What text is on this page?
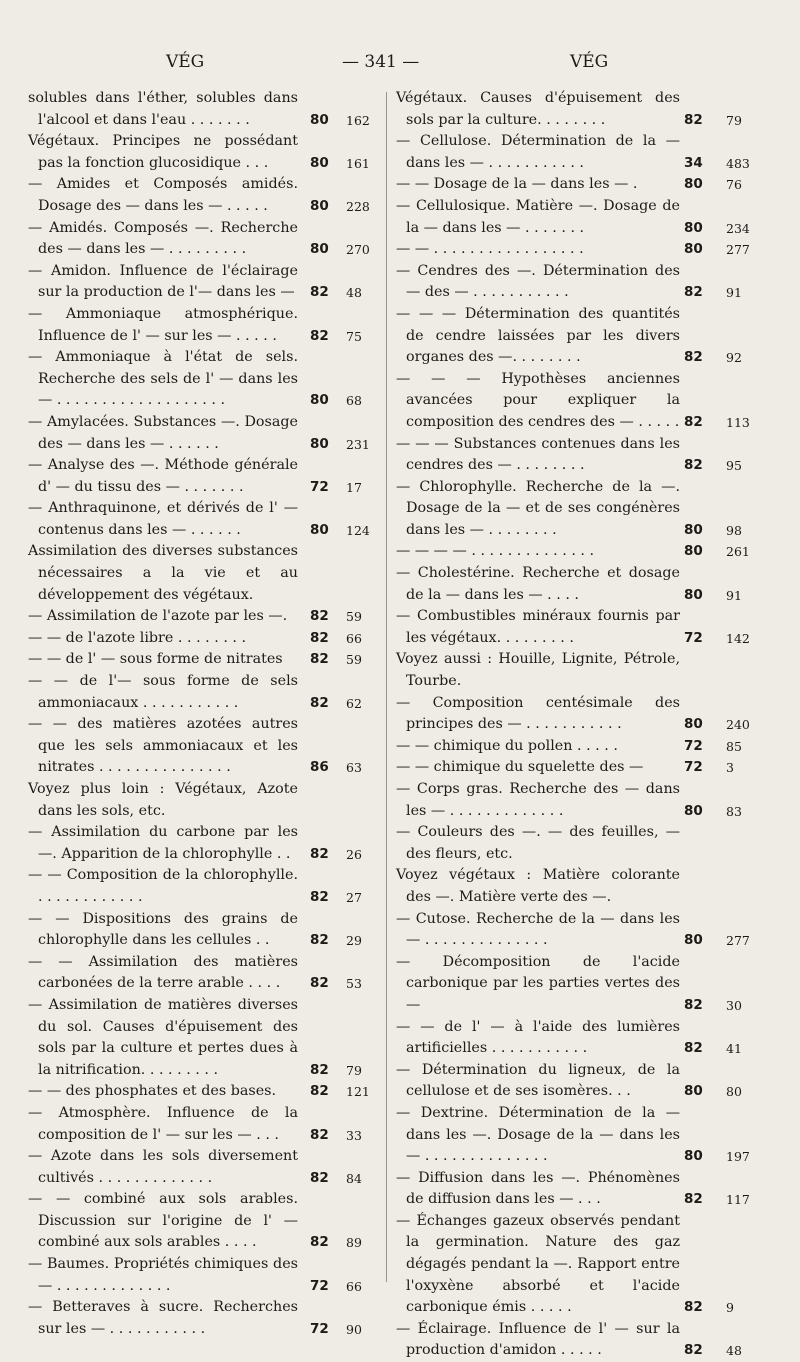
VÉG	— 341 —	VÉG
solubles dans l'éther, solubles dans l'alcool et dans l'eau . . . . . . .	80 162
Végétaux. Principes ne possédant pas la fonction glucosidique . . .	80 161
— Amides et Composés amidés. Dosage des — dans les — . . . . .	80 228
— Amidés. Composés —. Recherche des — dans les — . . . . . . . . .	80 270
— Amidon. Influence de l'éclairage sur la production de l'— dans les — 82 48
— Ammoniaque atmosphérique. Influence de l' — sur les — . . . . .	82 75
— Ammoniaque à l'état de sels. Recherche des sels de l' — dans les — . . . . . . . . . . . . . . . . . . .	80 68
— Amylacées. Substances —. Dosage des — dans les — . . . . . .	80 231
— Analyse des —. Méthode générale d' — du tissu des — . . . . . . .	72 17
— Anthraquinone, et dérivés de l' — contenus dans les — . . . . . .	80 124
Assimilation des diverses substances nécessaires a la vie et au développement des végétaux.
— Assimilation de l'azote par les —.	82 59
— — de l'azote libre . . . . . . . .	82 66
— — de l' — sous forme de nitrates	82 59
— — de l'— sous forme de sels ammoniacaux . . . . . . . . . . .	82 62
— — des matières azotées autres que les sels ammoniacaux et les nitrates . . . . . . . . . . . . . . .	86 63
Voyez plus loin : Végétaux, Azote dans les sols, etc.
— Assimilation du carbone par les —. Apparition de la chlorophylle . .	82 26
— — Composition de la chlorophylle. . . . . . . . . . . . .	82 27
— — Dispositions des grains de chlorophylle dans les cellules . .	82 29
— — Assimilation des matières carbonées de la terre arable . . . .	82 53
— Assimilation de matières diverses du sol. Causes d'épuisement des sols par la culture et pertes dues à la nitrification. . . . . . . . .	82 79
— — des phosphates et des bases.	82 121
— Atmosphère. Influence de la composition de l' — sur les — . . .	82 33
— Azote dans les sols diversement cultivés . . . . . . . . . . . . .	82 84
— — combiné aux sols arables. Discussion sur l'origine de l' — combiné aux sols arables . . . .	82 89
— Baumes. Propriétés chimiques des — . . . . . . . . . . . . .	72 66
— Betteraves à sucre. Recherches sur les — . . . . . . . . . . .	72 90
Végétaux. Causes d'épuisement des sols par la culture. . . . . . . .	82 79
— Cellulose. Détermination de la — dans les — . . . . . . . . . . .	34 483
— — Dosage de la — dans les — .	80 76
— Cellulosique. Matière —. Dosage de la — dans les — . . . . . . .	80 234
— — . . . . . . . . . . . . . . . . .	80 277
— Cendres des —. Détermination des — des — . . . . . . . . . . .	82 91
— — — Détermination des quantités de cendre laissées par les divers organes des —. . . . . . . .	82 92
— — — Hypothèses anciennes avancées pour expliquer la composition des cendres des — . . . . . 82 113
— — — Substances contenues dans les cendres des — . . . . . . . .	82 95
— Chlorophylle. Recherche de la —. Dosage de la — et de ses congénères dans les — . . . . . . . .	80 98
— — — — . . . . . . . . . . . . . .	80 261
— Cholestérine. Recherche et dosage de la — dans les — . . . .	80 91
— Combustibles minéraux fournis par les végétaux. . . . . . . . .	72 142
Voyez aussi : Houille, Lignite, Pétrole, Tourbe.
— Composition centésimale des principes des — . . . . . . . . . . .	80 240
— — chimique du pollen . . . . .	72 85
— — chimique du squelette des —	72 3
— Corps gras. Recherche des — dans les — . . . . . . . . . . . . .	80 83
— Couleurs des —. — des feuilles, — des fleurs, etc.
Voyez végétaux : Matière colorante des —. Matière verte des —.
— Cutose. Recherche de la — dans les — . . . . . . . . . . . . . .	80 277
— Décomposition de l'acide carbonique par les parties vertes des —	82 30
— — de l' — à l'aide des lumières artificielles . . . . . . . . . . .	82 41
— Détermination du ligneux, de la cellulose et de ses isomères. . .	80 80
— Dextrine. Détermination de la — dans les —. Dosage de la — dans les — . . . . . . . . . . . . . .	80 197
— Diffusion dans les —. Phénomènes de diffusion dans les — . . .	82 117
— Échanges gazeux observés pendant la germination. Nature des gaz dégagés pendant la —. Rapport entre l'oxyxène absorbé et l'acide carbonique émis . . . . .	82 9
— Éclairage. Influence de l' — sur la production d'amidon . . . . .	82 48
